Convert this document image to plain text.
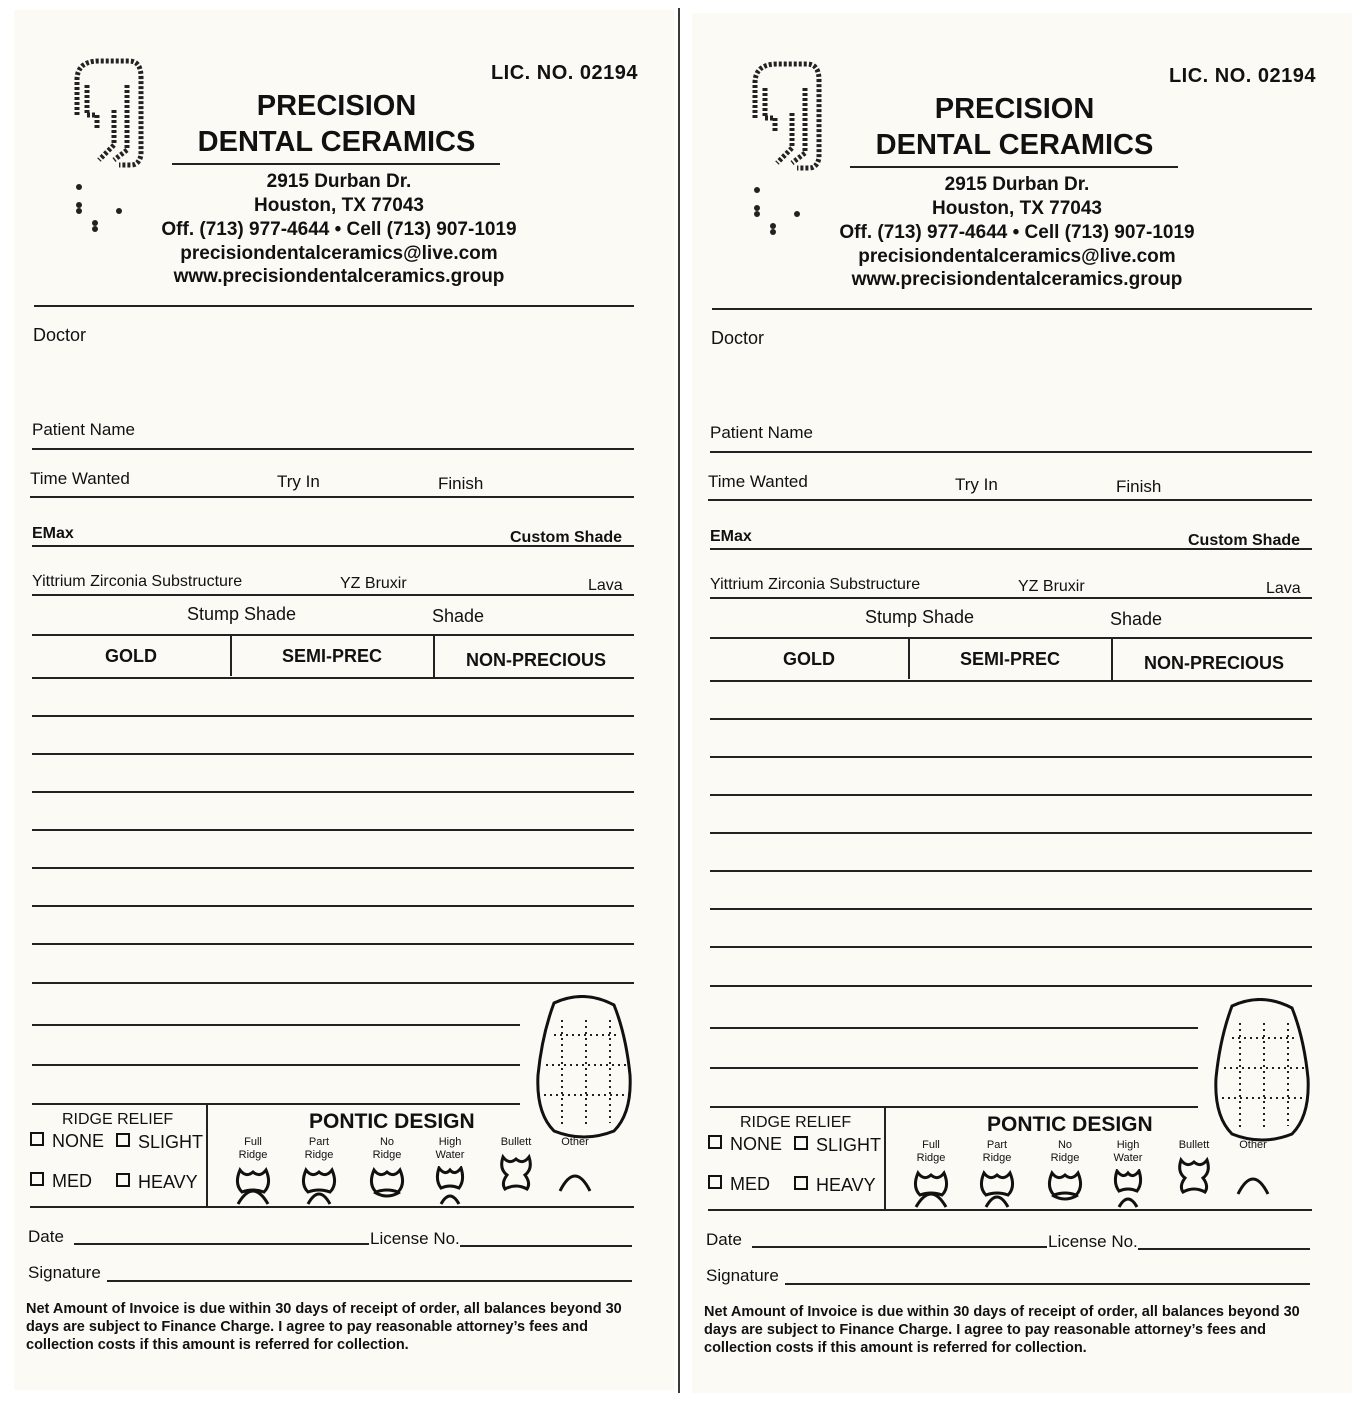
LIC. NO. 02194
PRECISION
DENTAL CERAMICS
2915 Durban Dr.
Houston, TX 77043
Off. (713) 977-4644 • Cell (713) 907-1019
precisiondentalceramics@live.com
www.precisiondentalceramics.group
Doctor
Patient Name
Time Wanted	Try In	Finish
EMax	Custom Shade
Yittrium Zirconia Substructure	YZ Bruxir	Lava
Stump Shade	Shade
GOLD	SEMI-PREC	NON-PRECIOUS
RIDGE RELIEF
NONE	SLIGHT
MED	HEAVY
PONTIC DESIGN
Full
Ridge
Part
Ridge
No
Ridge
High
Water
Bullett	Other
Date	License No.
Signature
Net Amount of Invoice is due within 30 days of receipt of order, all balances beyond 30 days are subject to Finance Charge. I agree to pay reasonable attorney’s fees and collection costs if this amount is referred for collection.
LIC. NO. 02194
PRECISION
DENTAL CERAMICS
2915 Durban Dr.
Houston, TX 77043
Off. (713) 977-4644 • Cell (713) 907-1019
precisiondentalceramics@live.com
www.precisiondentalceramics.group
Doctor
Patient Name
Time Wanted	Try In	Finish
EMax	Custom Shade
Yittrium Zirconia Substructure	YZ Bruxir	Lava
Stump Shade	Shade
GOLD	SEMI-PREC	NON-PRECIOUS
RIDGE RELIEF
NONE	SLIGHT
MED	HEAVY
PONTIC DESIGN
Full
Ridge
Part
Ridge
No
Ridge
High
Water
Bullett	Other
Date	License No.
Signature
Net Amount of Invoice is due within 30 days of receipt of order, all balances beyond 30 days are subject to Finance Charge. I agree to pay reasonable attorney’s fees and collection costs if this amount is referred for collection.
